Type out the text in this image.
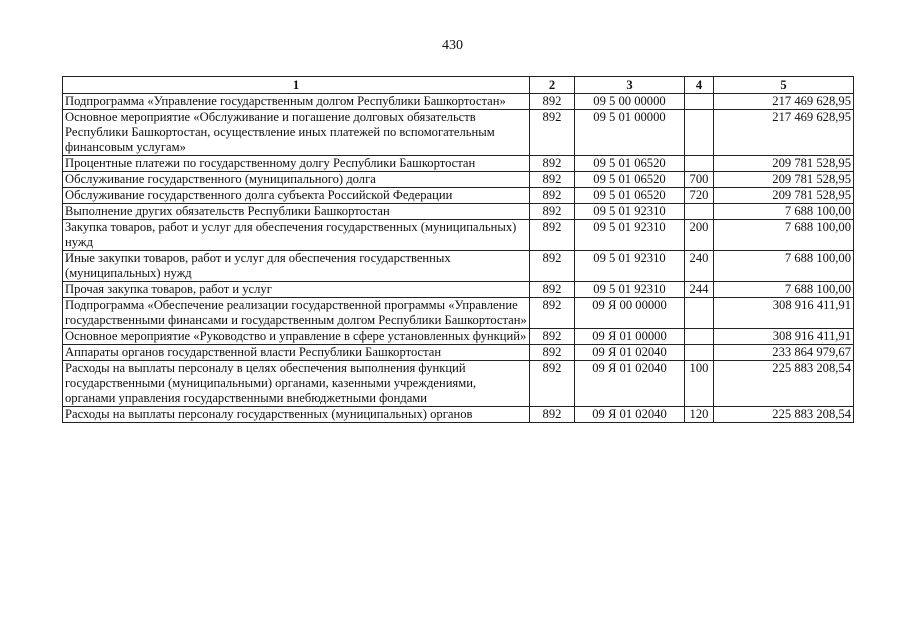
430
1	2	3	4	5
Подпрограмма «Управление государственным долгом Республики Башкортостан»	892	09 5 00 00000		217 469 628,95
Основное мероприятие «Обслуживание и погашение долговых обязательств Республики Башкортостан, осуществление иных платежей по вспомогательным финансовым услугам»	892	09 5 01 00000		217 469 628,95
Процентные платежи по государственному долгу Республики Башкортостан	892	09 5 01 06520		209 781 528,95
Обслуживание государственного (муниципального) долга	892	09 5 01 06520	700	209 781 528,95
Обслуживание государственного долга субъекта Российской Федерации	892	09 5 01 06520	720	209 781 528,95
Выполнение других обязательств Республики Башкортостан	892	09 5 01 92310		7 688 100,00
Закупка товаров, работ и услуг для обеспечения государственных (муниципальных) нужд	892	09 5 01 92310	200	7 688 100,00
Иные закупки товаров, работ и услуг для обеспечения государственных (муниципальных) нужд	892	09 5 01 92310	240	7 688 100,00
Прочая закупка товаров, работ и услуг	892	09 5 01 92310	244	7 688 100,00
Подпрограмма «Обеспечение реализации государственной программы «Управление государственными финансами и государственным долгом Республики Башкортостан»	892	09 Я 00 00000		308 916 411,91
Основное мероприятие «Руководство и управление в сфере установленных функций»	892	09 Я 01 00000		308 916 411,91
Аппараты органов государственной власти Республики Башкортостан	892	09 Я 01 02040		233 864 979,67
Расходы на выплаты персоналу в целях обеспечения выполнения функций государственными (муниципальными) органами, казенными учреждениями, органами управления государственными внебюджетными фондами	892	09 Я 01 02040	100	225 883 208,54
Расходы на выплаты персоналу государственных (муниципальных) органов	892	09 Я 01 02040	120	225 883 208,54
